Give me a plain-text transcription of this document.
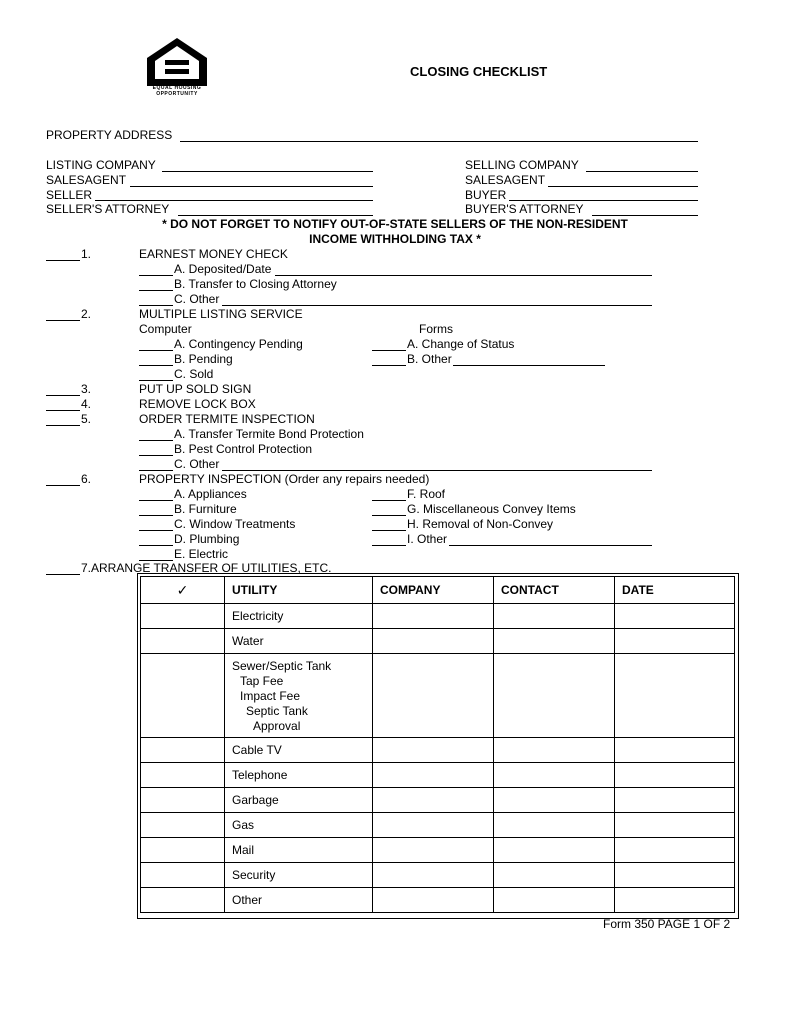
EQUAL HOUSING
OPPORTUNITY
CLOSING CHECKLIST
PROPERTY ADDRESS
LISTING COMPANY
SALESAGENT
SELLER
SELLER'S ATTORNEY
SELLING COMPANY
SALESAGENT
BUYER
BUYER'S ATTORNEY
* DO NOT FORGET TO NOTIFY OUT-OF-STATE SELLERS OF THE NON-RESIDENT
INCOME WITHHOLDING TAX *
1.	EARNEST MONEY CHECK
A. Deposited/Date
B. Transfer to Closing Attorney
C. Other
2.	MULTIPLE LISTING SERVICE
Computer	Forms
A. Contingency Pending	A. Change of Status
B. Pending	B. Other
C. Sold
3.	PUT UP SOLD SIGN
4.	REMOVE LOCK BOX
5.	ORDER TERMITE INSPECTION
A. Transfer Termite Bond Protection
B. Pest Control Protection
C. Other
6.	PROPERTY INSPECTION (Order any repairs needed)
A. Appliances	F. Roof
B. Furniture	G. Miscellaneous Convey Items
C. Window Treatments	H. Removal of Non-Convey
D. Plumbing	I. Other
E. Electric
7.ARRANGE TRANSFER OF UTILITIES, ETC.
✓	UTILITY	COMPANY	CONTACT	DATE

	Electricity			

	Water			

	Sewer/Septic Tank
Tap Fee
Impact Fee
Septic Tank
Approval			

	Cable TV			

	Telephone			

	Garbage			

	Gas			

	Mail			

	Security			

	Other			

Form 350 PAGE 1 OF 2
